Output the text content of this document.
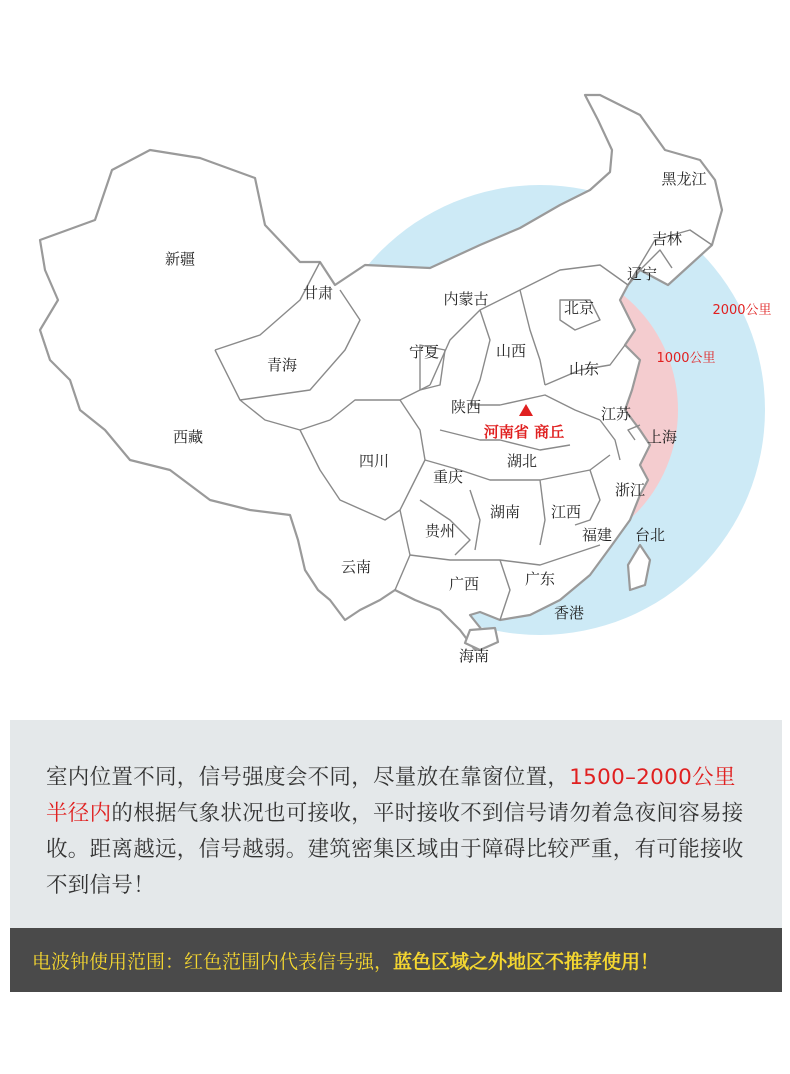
新疆
甘肃
青海
西藏
内蒙古
宁夏	山西
北京
山东
陕西	江苏
上海
四川
重庆
湖北
浙江
贵州
湖南 江西
福建 台北
云南
广西	广东
香港
海南
黑龙江
吉林
辽宁
河南省 商丘
2000公里
1000公里

室内位置不同，信号强度会不同，尽量放在靠窗位置，1500–2000公里半径内的根据气象状况也可接收，平时接收不到信号请勿着急夜间容易接收。距离越远，信号越弱。建筑密集区域由于障碍比较严重，有可能接收不到信号！

电波钟使用范围：红色范围内代表信号强， 蓝色区域之外地区不推荐使用！
